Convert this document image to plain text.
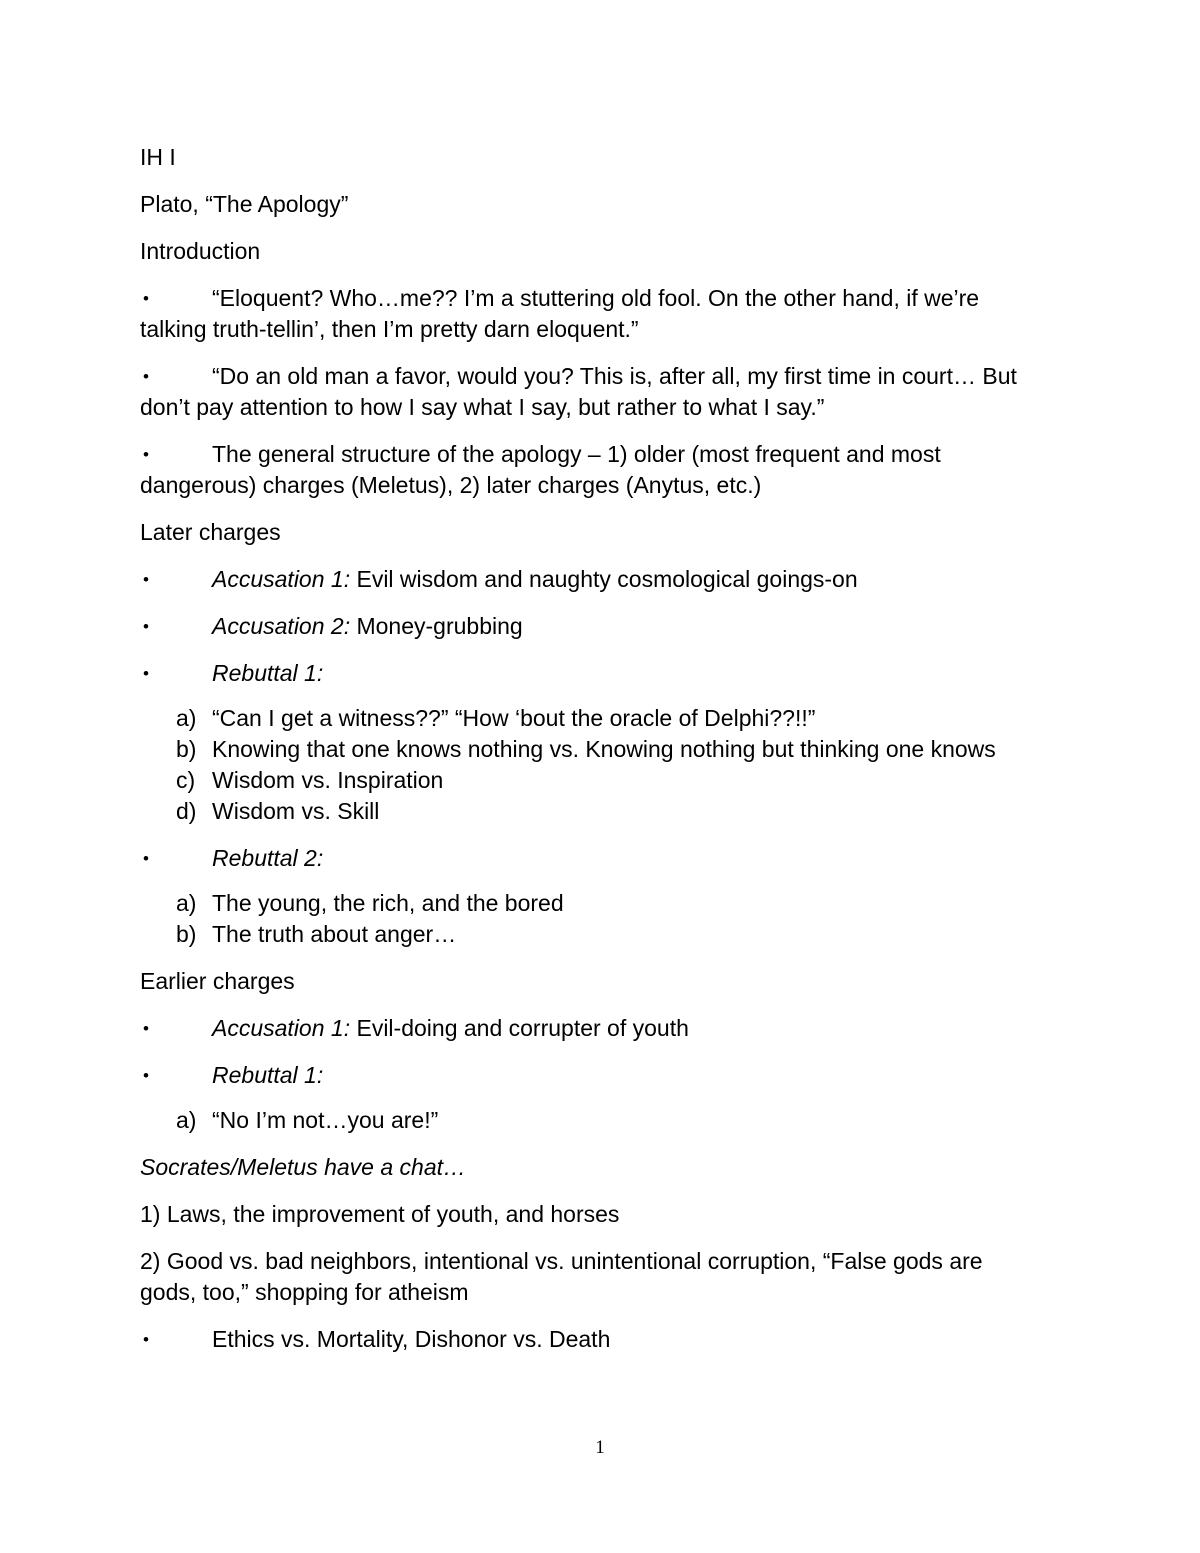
IH I

Plato, “The Apology”

Introduction

•	“Eloquent? Who…me?? I’m a stuttering old fool. On the other hand, if we’re talking truth-tellin’, then I’m pretty darn eloquent.”
•	“Do an old man a favor, would you? This is, after all, my first time in court… But don’t pay attention to how I say what I say, but rather to what I say.”
•	The general structure of the apology – 1) older (most frequent and most dangerous) charges (Meletus), 2) later charges (Anytus, etc.)

Later charges

•	Accusation 1: Evil wisdom and naughty cosmological goings-on
•	Accusation 2: Money-grubbing
•	Rebuttal 1:
a) “Can I get a witness??” “How ‘bout the oracle of Delphi??!!”
b) Knowing that one knows nothing vs. Knowing nothing but thinking one knows
c) Wisdom vs. Inspiration
d) Wisdom vs. Skill
•	Rebuttal 2:
a) The young, the rich, and the bored
b) The truth about anger…

Earlier charges

•	Accusation 1: Evil-doing and corrupter of youth
•	Rebuttal 1:
a) “No I’m not…you are!”

Socrates/Meletus have a chat…

1) Laws, the improvement of youth, and horses

2) Good vs. bad neighbors, intentional vs. unintentional corruption, “False gods are gods, too,” shopping for atheism

•	Ethics vs. Mortality, Dishonor vs. Death
1
